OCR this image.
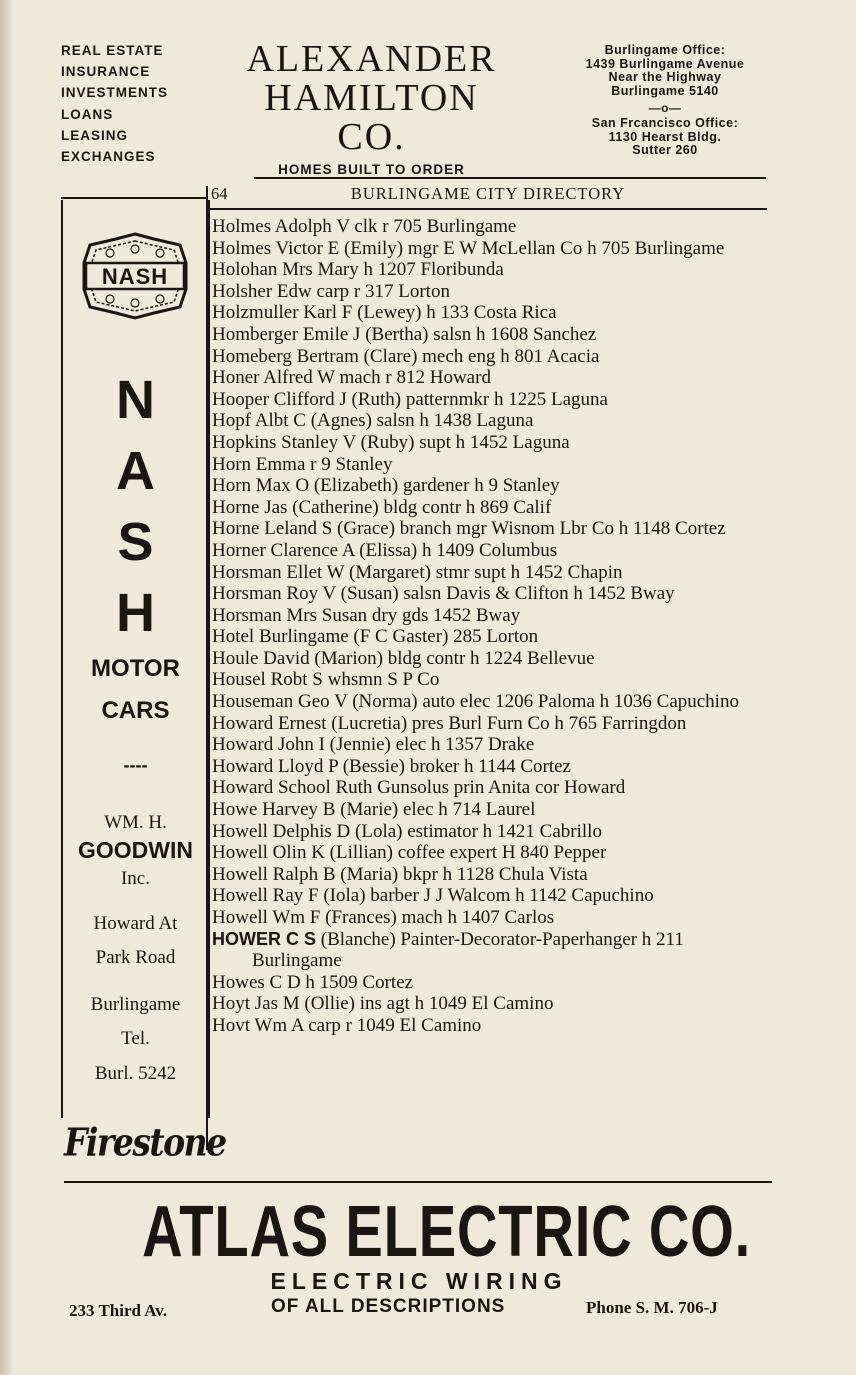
REAL ESTATE
INSURANCE
INVESTMENTS
LOANS
LEASING
EXCHANGES
ALEXANDER
HAMILTON
CO.
HOMES BUILT TO ORDER
Burlingame Office:
1439 Burlingame Avenue
Near the Highway
Burlingame 5140
—o—
San Frcancisco Office:
1130 Hearst Bldg.
Sutter 260
64	BURLINGAME CITY DIRECTORY
NASH
N
A
S
H
MOTOR
CARS
----
WM. H.
GOODWIN
Inc.
Howard At
Park Road
Burlingame
Tel.
Burl. 5242
Firestone

Holmes Adolph V clk r 705 Burlingame

Holmes Victor E (Emily) mgr E W McLellan Co h 705 Burlingame

Holohan Mrs Mary h 1207 Floribunda

Holsher Edw carp r 317 Lorton

Holzmuller Karl F (Lewey) h 133 Costa Rica

Homberger Emile J (Bertha) salsn h 1608 Sanchez

Homeberg Bertram (Clare) mech eng h 801 Acacia

Honer Alfred W mach r 812 Howard

Hooper Clifford J (Ruth) patternmkr h 1225 Laguna

Hopf Albt C (Agnes) salsn h 1438 Laguna

Hopkins Stanley V (Ruby) supt h 1452 Laguna

Horn Emma r 9 Stanley

Horn Max O (Elizabeth) gardener h 9 Stanley

Horne Jas (Catherine) bldg contr h 869 Calif

Horne Leland S (Grace) branch mgr Wisnom Lbr Co h 1148 Cortez

Horner Clarence A (Elissa) h 1409 Columbus

Horsman Ellet W (Margaret) stmr supt h 1452 Chapin

Horsman Roy V (Susan) salsn Davis & Clifton h 1452 Bway

Horsman Mrs Susan dry gds 1452 Bway

Hotel Burlingame (F C Gaster) 285 Lorton

Houle David (Marion) bldg contr h 1224 Bellevue

Housel Robt S whsmn S P Co

Houseman Geo V (Norma) auto elec 1206 Paloma h 1036 Capuchino

Howard Ernest (Lucretia) pres Burl Furn Co h 765 Farringdon

Howard John I (Jennie) elec h 1357 Drake

Howard Lloyd P (Bessie) broker h 1144 Cortez

Howard School Ruth Gunsolus prin Anita cor Howard

Howe Harvey B (Marie) elec h 714 Laurel

Howell Delphis D (Lola) estimator h 1421 Cabrillo

Howell Olin K (Lillian) coffee expert H 840 Pepper

Howell Ralph B (Maria) bkpr h 1128 Chula Vista

Howell Ray F (Iola) barber J J Walcom h 1142 Capuchino

Howell Wm F (Frances) mach h 1407 Carlos

HOWER C S (Blanche) Painter-Decorator-Paperhanger h 211 Burlingame

Howes C D h 1509 Cortez

Hoyt Jas M (Ollie) ins agt h 1049 El Camino

Hovt Wm A carp r 1049 El Camino

ATLAS ELECTRIC CO.
ELECTRIC WIRING
233 Third Av.	OF ALL DESCRIPTIONS	Phone S. M. 706-J
